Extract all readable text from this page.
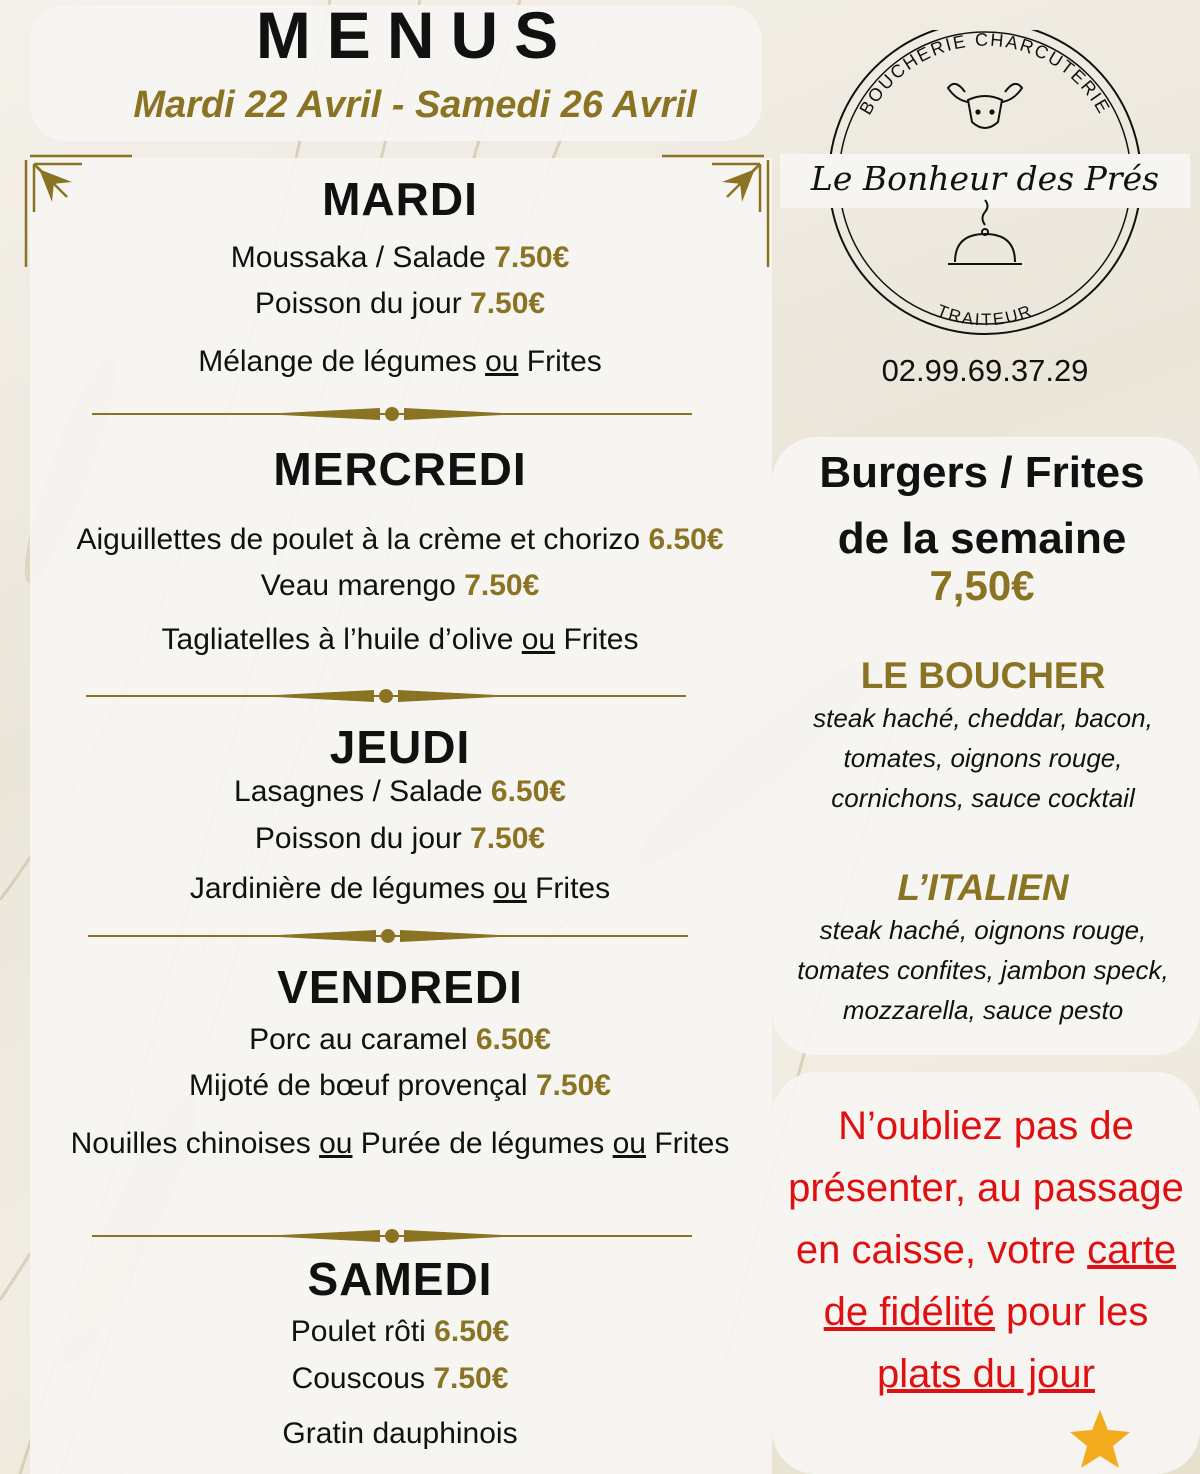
MENUS
Mardi 22 Avril - Samedi 26 Avril
MARDI

Moussaka / Salade 7.50€

Poisson du jour 7.50€

Mélange de légumes ou Frites

MERCREDI

Aiguillettes de poulet à la crème et chorizo 6.50€

Veau marengo 7.50€

Tagliatelles à l’huile d’olive ou Frites

JEUDI

Lasagnes / Salade 6.50€

Poisson du jour 7.50€

Jardinière de légumes ou Frites

VENDREDI

Porc au caramel 6.50€

Mijoté de bœuf provençal 7.50€

Nouilles chinoises ou Purée de légumes ou Frites

SAMEDI

Poulet rôti 6.50€

Couscous 7.50€

Gratin dauphinois

BOUCHERIE CHARCUTERIE
Le Bonheur des Prés
TRAITEUR
02.99.69.37.29
Burgers / Frites
de la semaine
7,50€

LE BOUCHER

steak haché, cheddar, bacon,

tomates, oignons rouge,

cornichons, sauce cocktail

L’ITALIEN

steak haché, oignons rouge,

tomates confites, jambon speck,

mozzarella, sauce pesto

N’oubliez pas de présenter, au passage en caisse, votre carte de fidélité pour les plats du jour
